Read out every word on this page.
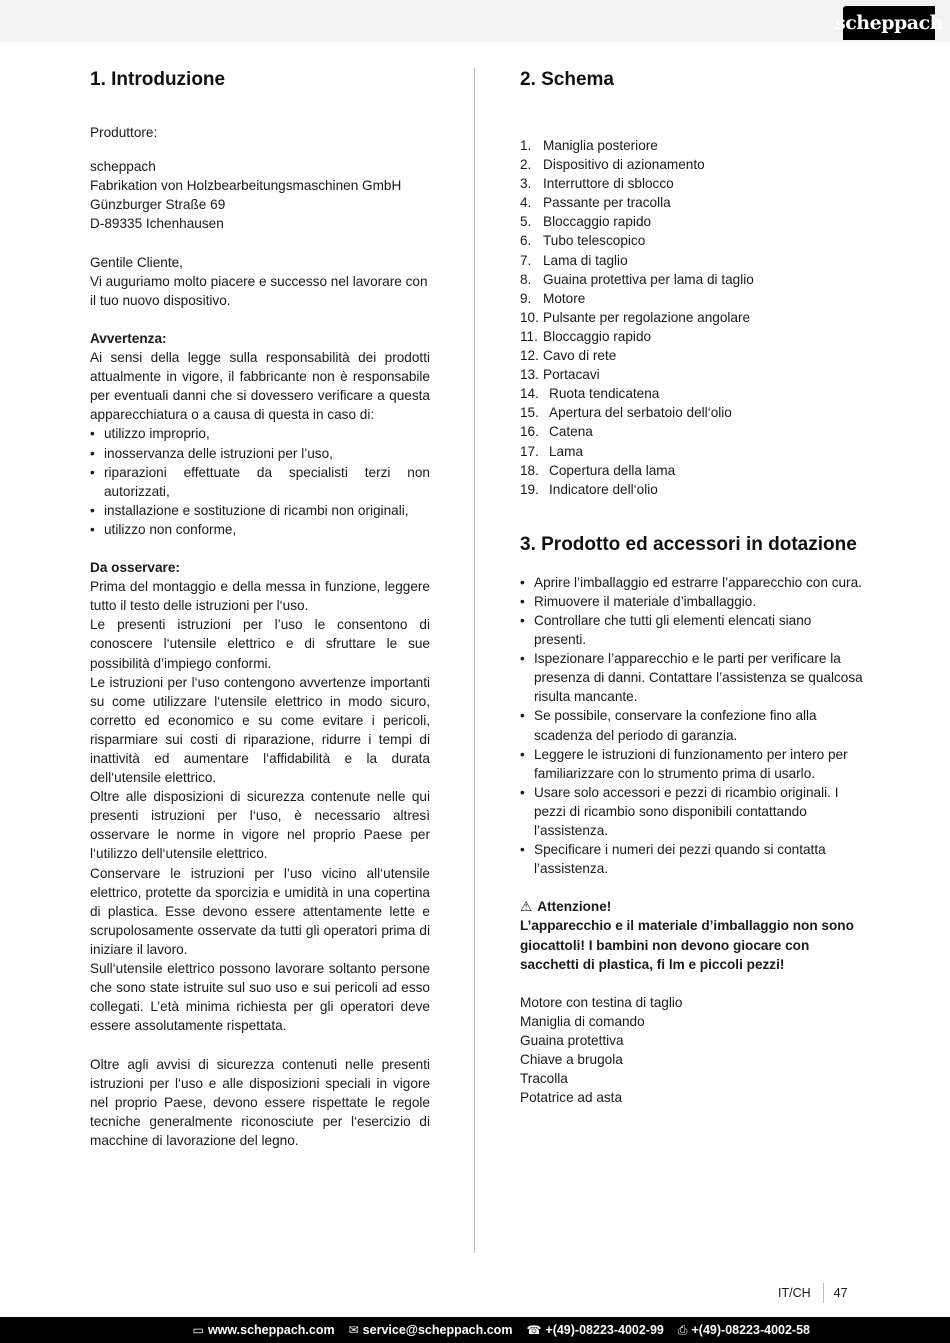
scheppach
1. Introduzione

Produttore:

scheppach

Fabrikation von Holzbearbeitungsmaschinen GmbH

Günzburger Straße 69

D-89335 Ichenhausen

Gentile Cliente,

Vi auguriamo molto piacere e successo nel lavorare con il tuo nuovo dispositivo.

Avvertenza:

Ai sensi della legge sulla responsabilità dei prodotti attualmente in vigore, il fabbricante non è responsabile per eventuali danni che si dovessero verificare a questa apparecchiatura o a causa di questa in caso di:

• utilizzo improprio,
• inosservanza delle istruzioni per l’uso,
• riparazioni effettuate da specialisti terzi non autorizzati,
• installazione e sostituzione di ricambi non originali,
• utilizzo non conforme,

Da osservare:

Prima del montaggio e della messa in funzione, leggere tutto il testo delle istruzioni per l‘uso.

Le presenti istruzioni per l’uso le consentono di conoscere l‘utensile elettrico e di sfruttare le sue possibilità d’impiego conformi.

Le istruzioni per l‘uso contengono avvertenze importanti su come utilizzare l‘utensile elettrico in modo sicuro, corretto ed economico e su come evitare i pericoli, risparmiare sui costi di riparazione, ridurre i tempi di inattività ed aumentare l‘affidabilità e la durata dell‘utensile elettrico.

Oltre alle disposizioni di sicurezza contenute nelle qui presenti istruzioni per l‘uso, è necessario altresì osservare le norme in vigore nel proprio Paese per l‘utilizzo dell‘utensile elettrico.

Conservare le istruzioni per l’uso vicino all‘utensile elettrico, protette da sporcizia e umidità in una copertina di plastica. Esse devono essere attentamente lette e scrupolosamente osservate da tutti gli operatori prima di iniziare il lavoro.

Sull‘utensile elettrico possono lavorare soltanto persone che sono state istruite sul suo uso e sui pericoli ad esso collegati. L’età minima richiesta per gli operatori deve essere assolutamente rispettata.

Oltre agli avvisi di sicurezza contenuti nelle presenti istruzioni per l‘uso e alle disposizioni speciali in vigore nel proprio Paese, devono essere rispettate le regole tecniche generalmente riconosciute per l‘esercizio di macchine di lavorazione del legno.

2. Schema
1. Maniglia posteriore
2. Dispositivo di azionamento
3. Interruttore di sblocco
4. Passante per tracolla
5. Bloccaggio rapido
6. Tubo telescopico
7. Lama di taglio
8. Guaina protettiva per lama di taglio
9. Motore
10. Pulsante per regolazione angolare
11. Bloccaggio rapido
12. Cavo di rete
13. Portacavi
14. Ruota tendicatena
15. Apertura del serbatoio dell‘olio
16. Catena
17. Lama
18. Copertura della lama
19. Indicatore dell‘olio
3. Prodotto ed accessori in dotazione
• Aprire l’imballaggio ed estrarre l’apparecchio con cura.
• Rimuovere il materiale d’imballaggio.
• Controllare che tutti gli elementi elencati siano presenti.
• Ispezionare l’apparecchio e le parti per verificare la presenza di danni. Contattare l’assistenza se qualcosa risulta mancante.
• Se possibile, conservare la confezione fino alla scadenza del periodo di garanzia.
• Leggere le istruzioni di funzionamento per intero per familiarizzare con lo strumento prima di usarlo.
• Usare solo accessori e pezzi di ricambio originali. I pezzi di ricambio sono disponibili contattando l’assistenza.
• Specificare i numeri dei pezzi quando si contatta l’assistenza.

⚠ Attenzione!

L’apparecchio e il materiale d’imballaggio non sono giocattoli! I bambini non devono giocare con sacchetti di plastica, fi lm e piccoli pezzi!

Motore con testina di taglio

Maniglia di comando

Guaina protettiva

Chiave a brugola

Tracolla

Potatrice ad asta

IT/CH 47
▭ www.scheppach.com ✉ service@scheppach.com ☎ +(49)-08223-4002-99 ⎙ +(49)-08223-4002-58
